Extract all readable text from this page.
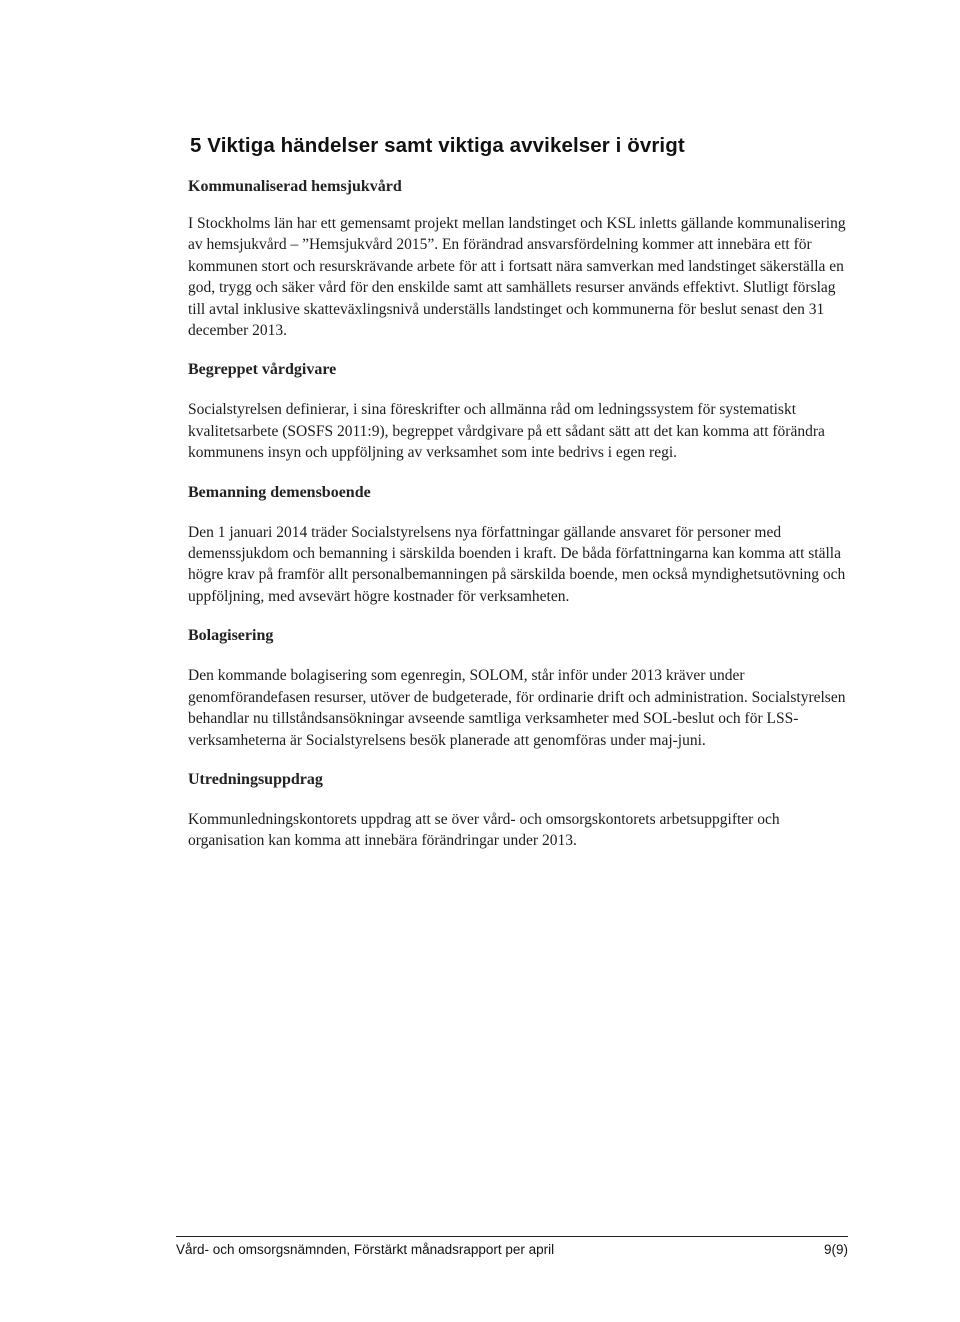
5 Viktiga händelser samt viktiga avvikelser i övrigt
Kommunaliserad hemsjukvård

I Stockholms län har ett gemensamt projekt mellan landstinget och KSL inletts gällande kommunalisering av hemsjukvård – ”Hemsjukvård 2015”. En förändrad ansvarsfördelning kommer att innebära ett för kommunen stort och resurskrävande arbete för att i fortsatt nära samverkan med landstinget säkerställa en god, trygg och säker vård för den enskilde samt att samhällets resurser används effektivt. Slutligt förslag till avtal inklusive skatteväxlingsnivå underställs landstinget och kommunerna för beslut senast den 31 december 2013.

Begreppet vårdgivare

Socialstyrelsen definierar, i sina föreskrifter och allmänna råd om ledningssystem för systematiskt kvalitetsarbete (SOSFS 2011:9), begreppet vårdgivare på ett sådant sätt att det kan komma att förändra kommunens insyn och uppföljning av verksamhet som inte bedrivs i egen regi.

Bemanning demensboende

Den 1 januari 2014 träder Socialstyrelsens nya författningar gällande ansvaret för personer med demenssjukdom och bemanning i särskilda boenden i kraft. De båda författningarna kan komma att ställa högre krav på framför allt personalbemanningen på särskilda boende, men också myndighetsutövning och uppföljning, med avsevärt högre kostnader för verksamheten.

Bolagisering

Den kommande bolagisering som egenregin, SOLOM, står inför under 2013 kräver under genomförandefasen resurser, utöver de budgeterade, för ordinarie drift och administration. Socialstyrelsen behandlar nu tillståndsansökningar avseende samtliga verksamheter med SOL-beslut och för LSS- verksamheterna är Socialstyrelsens besök planerade att genomföras under maj-juni.

Utredningsuppdrag

Kommunledningskontorets uppdrag att se över vård- och omsorgskontorets arbetsuppgifter och organisation kan komma att innebära förändringar under 2013.

Vård- och omsorgsnämnden, Förstärkt månadsrapport per april	9(9)
